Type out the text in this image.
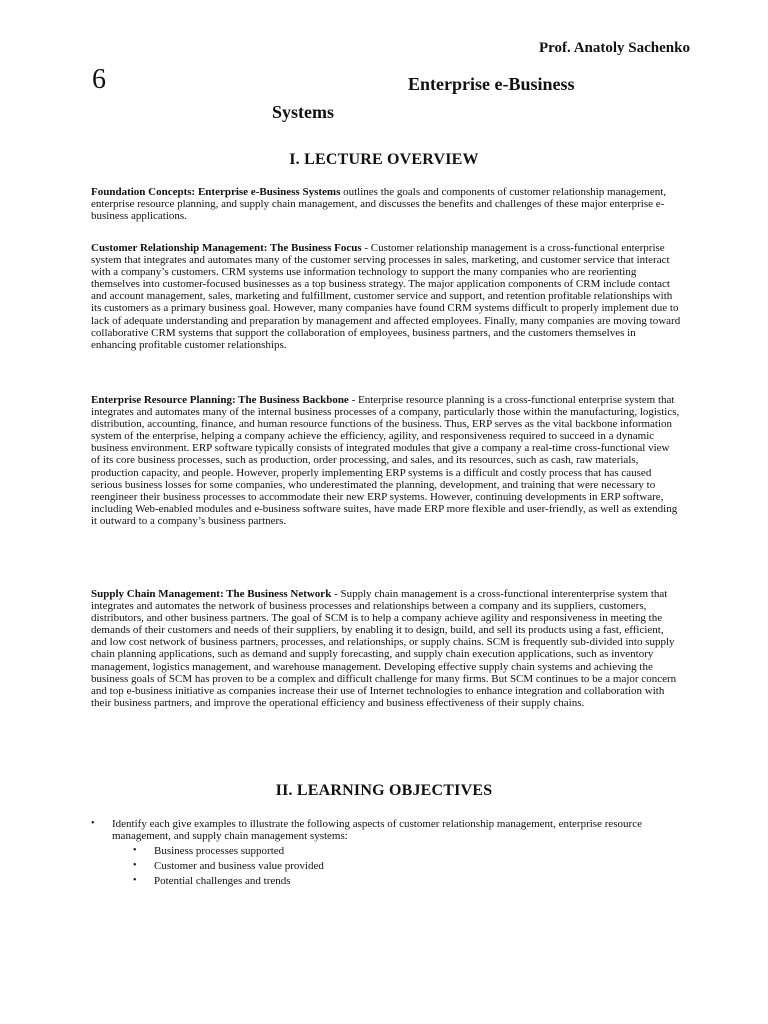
Prof. Anatoly Sachenko
6	Enterprise e-Business
Systems
I. LECTURE OVERVIEW

Foundation Concepts: Enterprise e-Business Systems outlines the goals and components of customer relationship management, enterprise resource planning, and supply chain management, and discusses the benefits and challenges of these major enterprise e-business applications.

Customer Relationship Management: The Business Focus - Customer relationship management is a cross-functional enterprise system that integrates and automates many of the customer serving processes in sales, marketing, and customer service that interact with a company’s customers. CRM systems use information technology to support the many companies who are reorienting themselves into customer-focused businesses as a top business strategy. The major application components of CRM include contact and account management, sales, marketing and fulfillment, customer service and support, and retention profitable relationships with its customers as a primary business goal. However, many companies have found CRM systems difficult to properly implement due to lack of adequate understanding and preparation by management and affected employees. Finally, many companies are moving toward collaborative CRM systems that support the collaboration of employees, business partners, and the customers themselves in enhancing profitable customer relationships.

Enterprise Resource Planning: The Business Backbone - Enterprise resource planning is a cross-functional enterprise system that integrates and automates many of the internal business processes of a company, particularly those within the manufacturing, logistics, distribution, accounting, finance, and human resource functions of the business. Thus, ERP serves as the vital backbone information system of the enterprise, helping a company achieve the efficiency, agility, and responsiveness required to succeed in a dynamic business environment. ERP software typically consists of integrated modules that give a company a real-time cross-functional view of its core business processes, such as production, order processing, and sales, and its resources, such as cash, raw materials, production capacity, and people. However, properly implementing ERP systems is a difficult and costly process that has caused serious business losses for some companies, who underestimated the planning, development, and training that were necessary to reengineer their business processes to accommodate their new ERP systems. However, continuing developments in ERP software, including Web-enabled modules and e-business software suites, have made ERP more flexible and user-friendly, as well as extending it outward to a company’s business partners.

Supply Chain Management: The Business Network - Supply chain management is a cross-functional interenterprise system that integrates and automates the network of business processes and relationships between a company and its suppliers, customers, distributors, and other business partners. The goal of SCM is to help a company achieve agility and responsiveness in meeting the demands of their customers and needs of their suppliers, by enabling it to design, build, and sell its products using a fast, efficient, and low cost network of business partners, processes, and relationships, or supply chains. SCM is frequently sub-divided into supply chain planning applications, such as demand and supply forecasting, and supply chain execution applications, such as inventory management, logistics management, and warehouse management. Developing effective supply chain systems and achieving the business goals of SCM has proven to be a complex and difficult challenge for many firms. But SCM continues to be a major concern and top e-business initiative as companies increase their use of Internet technologies to enhance integration and collaboration with their business partners, and improve the operational efficiency and business effectiveness of their supply chains.

II. LEARNING OBJECTIVES
• Identify each give examples to illustrate the following aspects of customer relationship management, enterprise resource management, and supply chain management systems:
• Business processes supported
• Customer and business value provided
• Potential challenges and trends
